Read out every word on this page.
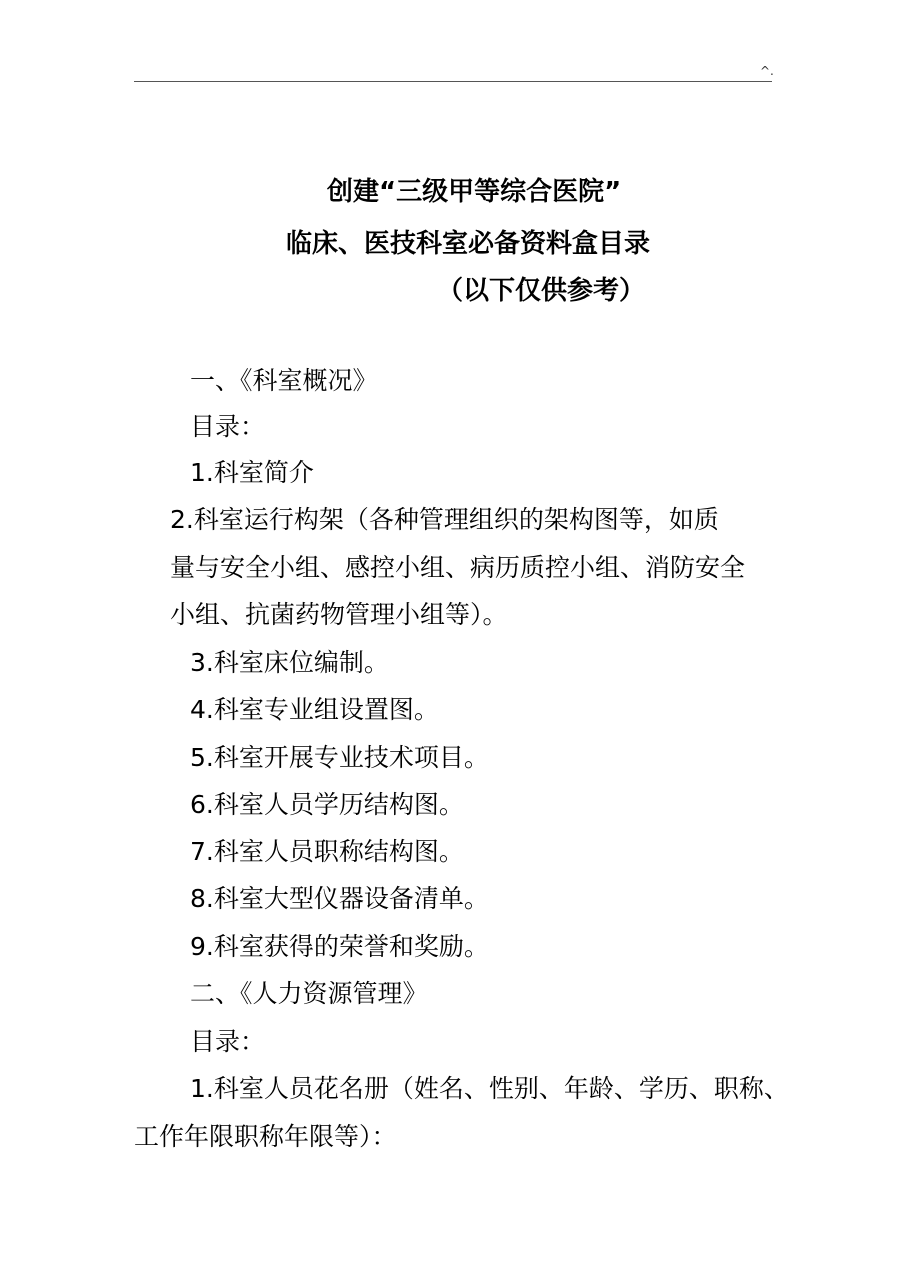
^.
创建“三级甲等综合医院”
临床、医技科室必备资料盒目录
（以下仅供参考）
一、《科室概况》
目录：
1.科室简介
2.科室运行构架（各种管理组织的架构图等，如质
量与安全小组、感控小组、病历质控小组、消防安全
小组、抗菌药物管理小组等）。
3.科室床位编制。
4.科室专业组设置图。
5.科室开展专业技术项目。
6.科室人员学历结构图。
7.科室人员职称结构图。
8.科室大型仪器设备清单。
9.科室获得的荣誉和奖励。
二、《人力资源管理》
目录：
1.科室人员花名册（姓名、性别、年龄、学历、职称、
工作年限职称年限等）：
